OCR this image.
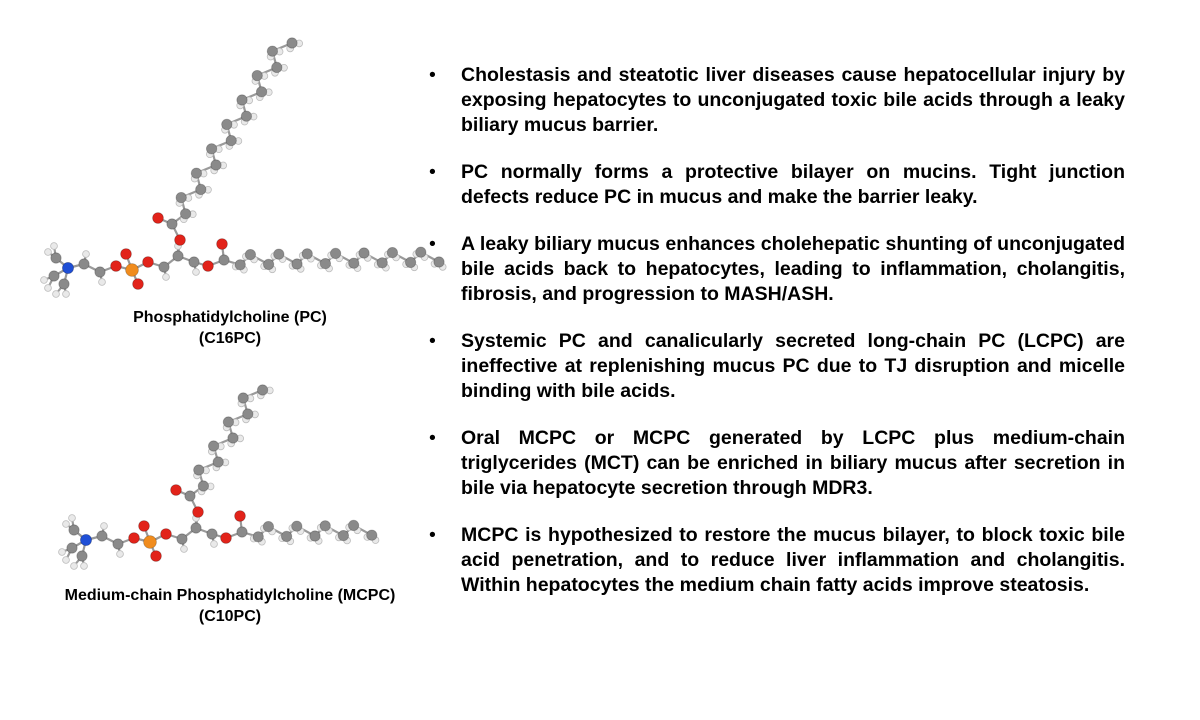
Phosphatidylcholine (PC)
(C16PC)
Medium-chain Phosphatidylcholine (MCPC)
(C10PC)
• Cholestasis and steatotic liver diseases cause hepatocellular injury by exposing hepatocytes to unconjugated toxic bile acids through a leaky biliary mucus barrier.
• PC normally forms a protective bilayer on mucins. Tight junction defects reduce PC in mucus and make the barrier leaky.
• A leaky biliary mucus enhances cholehepatic shunting of unconjugated bile acids back to hepatocytes, leading to inflammation, cholangitis, fibrosis, and progression to MASH/ASH.
• Systemic PC and canalicularly secreted long-chain PC (LCPC) are ineffective at replenishing mucus PC due to TJ disruption and micelle binding with bile acids.
• Oral MCPC or MCPC generated by LCPC plus medium-chain triglycerides (MCT) can be enriched in biliary mucus after secretion in bile via hepatocyte secretion through MDR3.
• MCPC is hypothesized to restore the mucus bilayer, to block toxic bile acid penetration, and to reduce liver inflammation and cholangitis. Within hepatocytes the medium chain fatty acids improve steatosis.
